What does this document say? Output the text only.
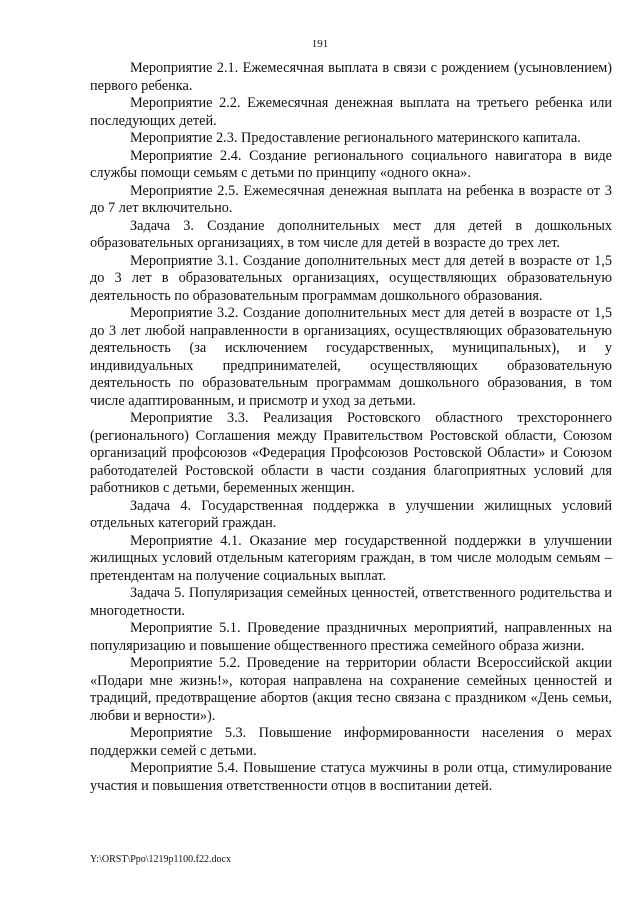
191

Мероприятие 2.1. Ежемесячная выплата в связи с рождением (усыновлением) первого ребенка.

Мероприятие 2.2. Ежемесячная денежная выплата на третьего ребенка или последующих детей.

Мероприятие 2.3. Предоставление регионального материнского капитала.

Мероприятие 2.4. Создание регионального социального навигатора в виде службы помощи семьям с детьми по принципу «одного окна».

Мероприятие 2.5. Ежемесячная денежная выплата на ребенка в возрасте от 3 до 7 лет включительно.

Задача 3. Создание дополнительных мест для детей в дошкольных образовательных организациях, в том числе для детей в возрасте до трех лет.

Мероприятие 3.1. Создание дополнительных мест для детей в возрасте от 1,5 до 3 лет в образовательных организациях, осуществляющих образовательную деятельность по образовательным программам дошкольного образования.

Мероприятие 3.2. Создание дополнительных мест для детей в возрасте от 1,5 до 3 лет любой направленности в организациях, осуществляющих образовательную деятельность (за исключением государственных, муниципальных), и у индивидуальных предпринимателей, осуществляющих образовательную деятельность по образовательным программам дошкольного образования, в том числе адаптированным, и присмотр и уход за детьми.

Мероприятие 3.3. Реализация Ростовского областного трехстороннего (регионального) Соглашения между Правительством Ростовской области, Союзом организаций профсоюзов «Федерация Профсоюзов Ростовской Области» и Союзом работодателей Ростовской области в части создания благоприятных условий для работников с детьми, беременных женщин.

Задача 4. Государственная поддержка в улучшении жилищных условий отдельных категорий граждан.

Мероприятие 4.1. Оказание мер государственной поддержки в улучшении жилищных условий отдельным категориям граждан, в том числе молодым семьям – претендентам на получение социальных выплат.

Задача 5. Популяризация семейных ценностей, ответственного родительства и многодетности.

Мероприятие 5.1. Проведение праздничных мероприятий, направленных на популяризацию и повышение общественного престижа семейного образа жизни.

Мероприятие 5.2. Проведение на территории области Всероссийской акции «Подари мне жизнь!», которая направлена на сохранение семейных ценностей и традиций, предотвращение абортов (акция тесно связана с праздником «День семьи, любви и верности»).

Мероприятие 5.3. Повышение информированности населения о мерах поддержки семей с детьми.

Мероприятие 5.4. Повышение статуса мужчины в роли отца, стимулирование участия и повышения ответственности отцов в воспитании детей.

Y:\ORST\Ppo\1219p1100.f22.docx
